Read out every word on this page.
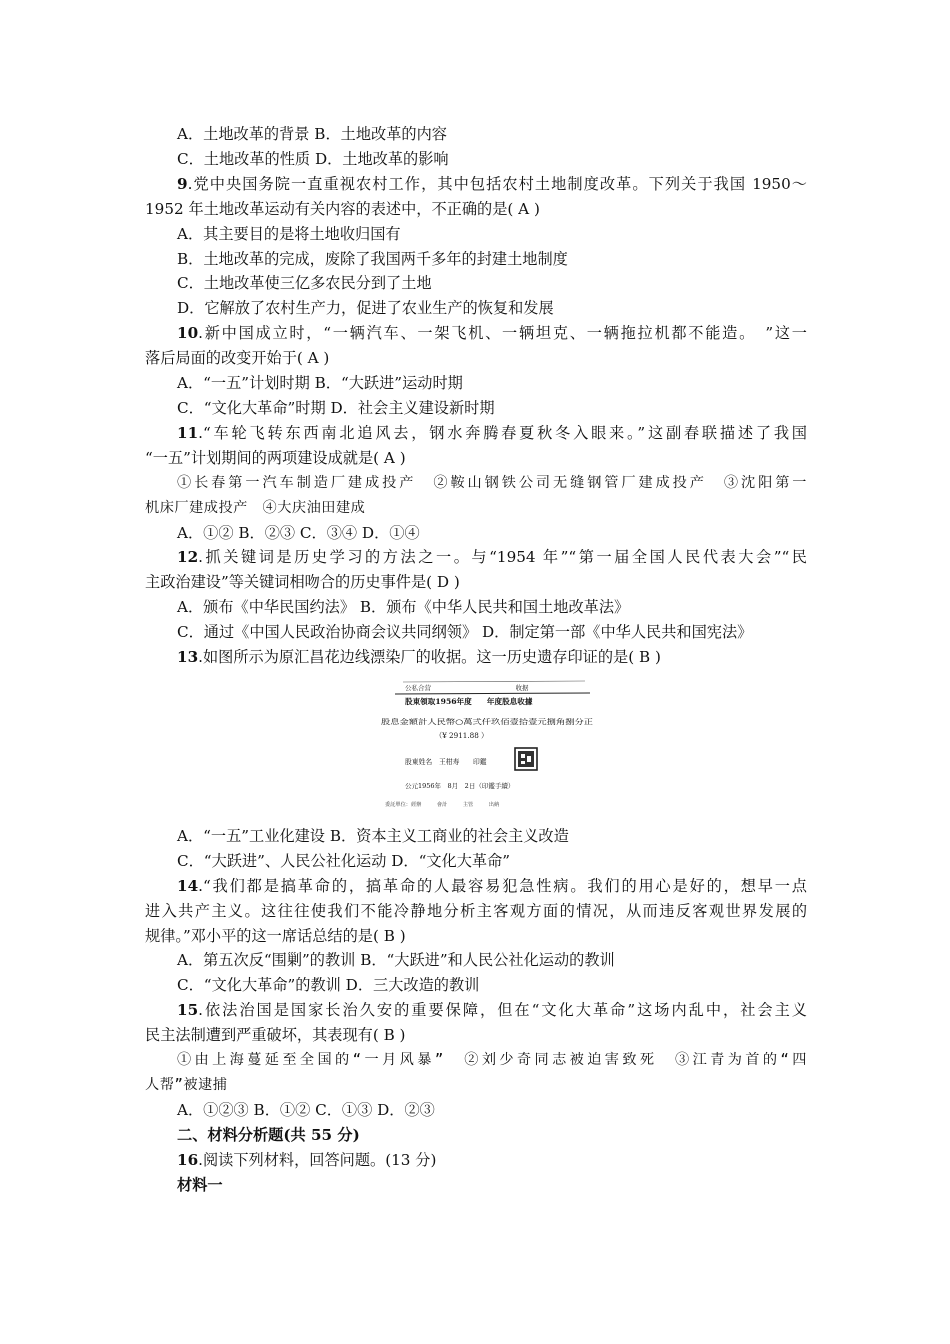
A．土地改革的背景 B．土地改革的内容
C．土地改革的性质 D．土地改革的影响
9.党中央国务院一直重视农村工作，其中包括农村土地制度改革。下列关于我国 1950～
1952 年土地改革运动有关内容的表述中，不正确的是( A )
A．其主要目的是将土地收归国有
B．土地改革的完成，废除了我国两千多年的封建土地制度
C．土地改革使三亿多农民分到了土地
D．它解放了农村生产力，促进了农业生产的恢复和发展
10.新中国成立时，“一辆汽车、一架飞机、一辆坦克、一辆拖拉机都不能造。　”这一
落后局面的改变开始于( A )
A．“一五”计划时期 B．“大跃进”运动时期
C．“文化大革命”时期 D．社会主义建设新时期
11.“车轮飞转东西南北追风去，钢水奔腾春夏秋冬入眼来。”这副春联描述了我国
“一五”计划期间的两项建设成就是( A )
①长春第一汽车制造厂建成投产　②鞍山钢铁公司无缝钢管厂建成投产　③沈阳第一
机床厂建成投产　④大庆油田建成
A．①② B．②③ C．③④ D．①④
12.抓关键词是历史学习的方法之一。与“1954 年”“第一届全国人民代表大会”“民
主政治建设”等关键词相吻合的历史事件是( D )
A．颁布《中华民国约法》 B．颁布《中华人民共和国土地改革法》
C．通过《中国人民政治协商会议共同纲领》 D．制定第一部《中华人民共和国宪法》
13.如图所示为原汇昌花边线漂染厂的收据。这一历史遗存印证的是( B )
公私合营　　　　　　　　　　　　　收据
股東領取1956年度　　年度股息收據
股息金額計人民幣○萬弍仟玖佰壹拾壹元捌角捌分正
（¥ 2911.88 ）
股東姓名　王柑寿　　印鑑
公元1956年　8月　2日（印鑑手續）
委託單位：經辦　　　會計　　　主管　　　出納
A．“一五”工业化建设 B．资本主义工商业的社会主义改造
C．“大跃进”、人民公社化运动 D．“文化大革命”
14.“我们都是搞革命的，搞革命的人最容易犯急性病。我们的用心是好的，想早一点
进入共产主义。这往往使我们不能冷静地分析主客观方面的情况，从而违反客观世界发展的
规律。”邓小平的这一席话总结的是( B )
A．第五次反“围剿”的教训 B．“大跃进”和人民公社化运动的教训
C．“文化大革命”的教训 D．三大改造的教训
15.依法治国是国家长治久安的重要保障，但在“文化大革命”这场内乱中，社会主义
民主法制遭到严重破坏，其表现有( B )
①由上海蔓延至全国的“一月风暴”　②刘少奇同志被迫害致死　③江青为首的“四
人帮”被逮捕
A．①②③ B．①② C．①③ D．②③
二、材料分析题(共 55 分)
16.阅读下列材料，回答问题。(13 分)
材料一
